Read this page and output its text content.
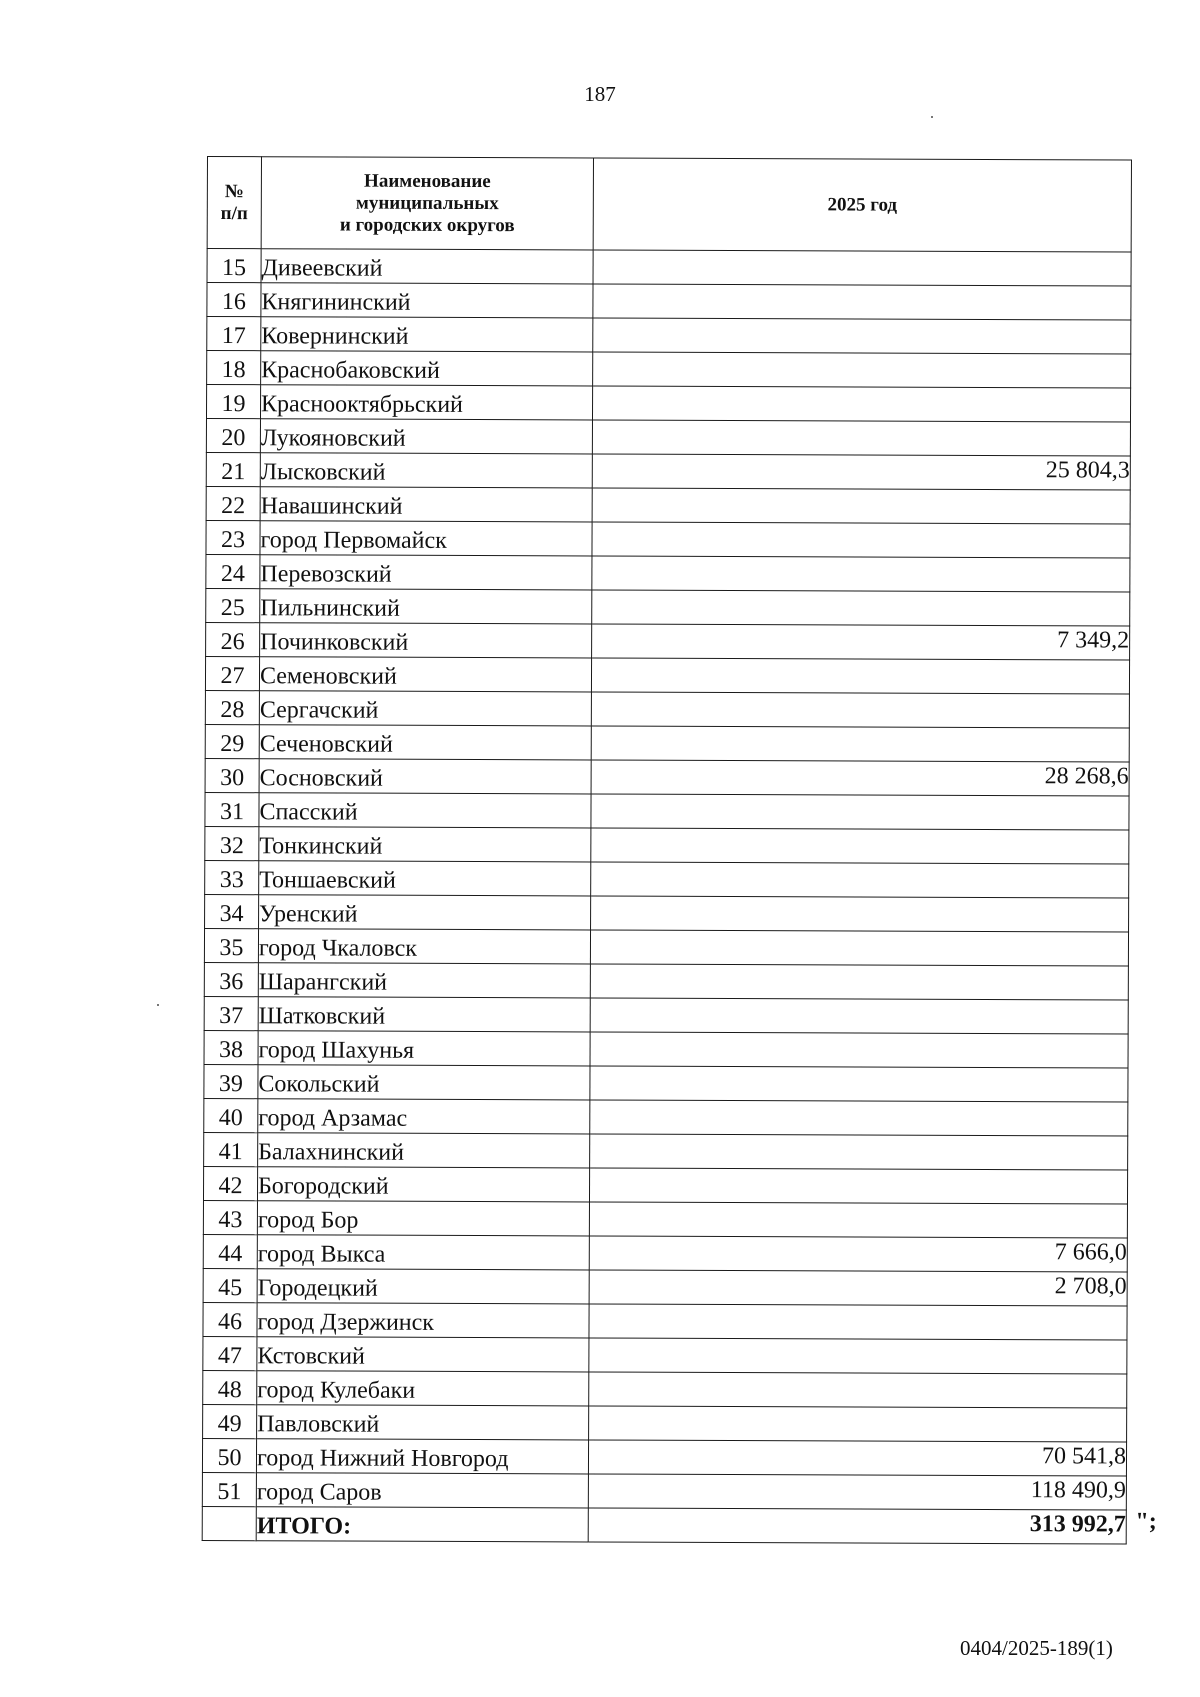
187
№
п/п	Наименование
муниципальных
и городских округов	2025 год
15	Дивеевский	
16	Княгининский	
17	Ковернинский	
18	Краснобаковский	
19	Краснооктябрьский	
20	Лукояновский	
21	Лысковский	25 804,3
22	Навашинский	
23	город Первомайск	
24	Перевозский	
25	Пильнинский	
26	Починковский	7 349,2
27	Семеновский	
28	Сергачский	
29	Сеченовский	
30	Сосновский	28 268,6
31	Спасский	
32	Тонкинский	
33	Тоншаевский	
34	Уренский	
35	город Чкаловск	
36	Шарангский	
37	Шатковский	
38	город Шахунья	
39	Сокольский	
40	город Арзамас	
41	Балахнинский	
42	Богородский	
43	город Бор	
44	город Выкса	7 666,0
45	Городецкий	2 708,0
46	город Дзержинск	
47	Кстовский	
48	город Кулебаки	
49	Павловский	
50	город Нижний Новгород	70 541,8
51	город Саров	118 490,9
	ИТОГО:	313 992,7 ";
0404/2025-189(1)
